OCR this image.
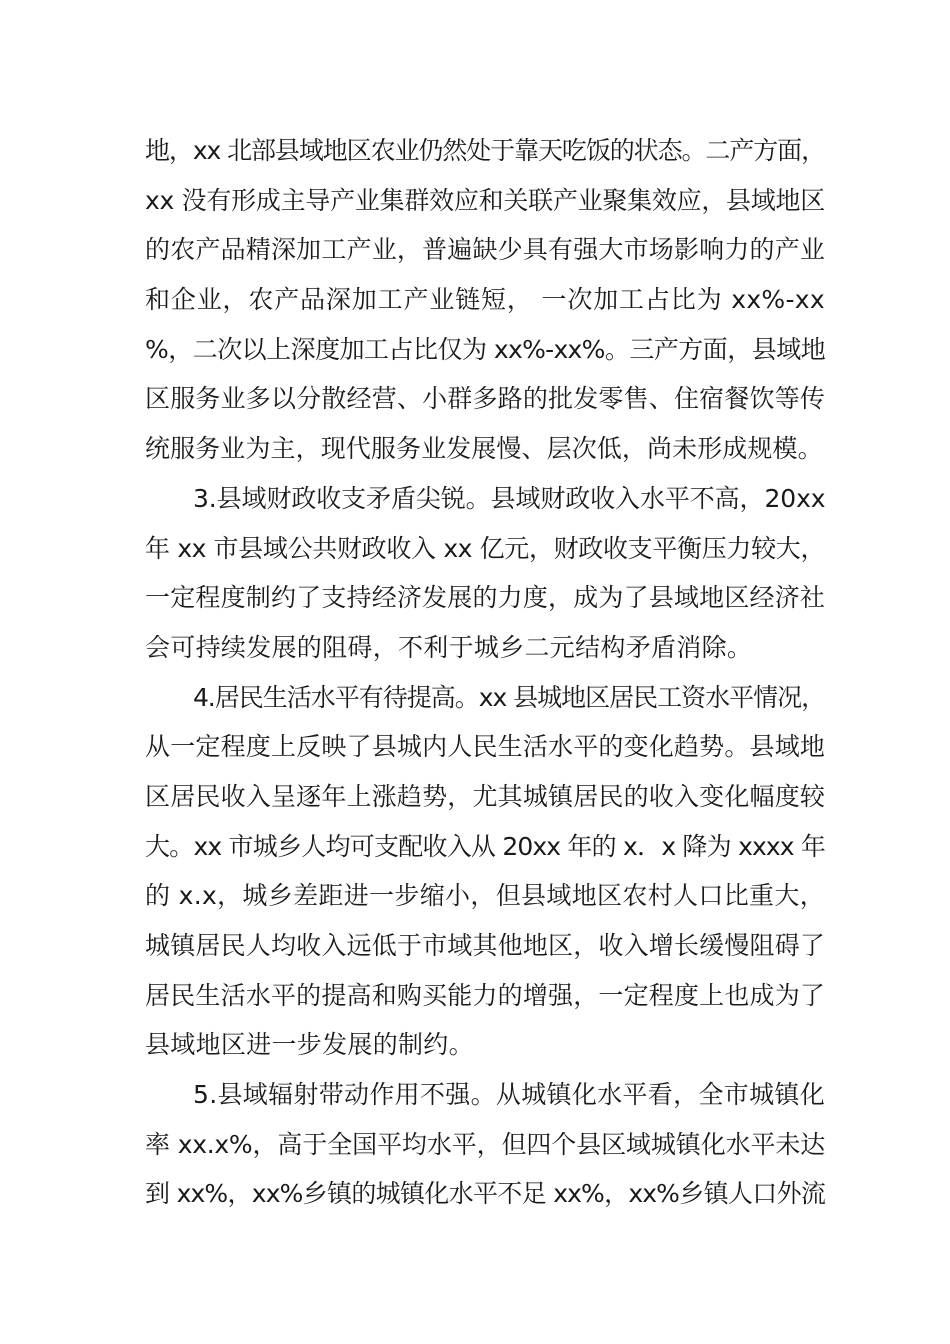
地，xx 北部县域地区农业仍然处于靠天吃饭的状态。二产方面，
xx 没有形成主导产业集群效应和关联产业聚集效应，县域地区
的农产品精深加工产业，普遍缺少具有强大市场影响力的产业
和企业，农产品深加工产业链短， 一次加工占比为 xx%-xx
%，二次以上深度加工占比仅为 xx%-xx%。三产方面，县域地
区服务业多以分散经营、小群多路的批发零售、住宿餐饮等传
统服务业为主，现代服务业发展慢、层次低，尚未形成规模。
3.县域财政收支矛盾尖锐。县域财政收入水平不高，20xx
年 xx 市县域公共财政收入 xx 亿元，财政收支平衡压力较大，
一定程度制约了支持经济发展的力度，成为了县域地区经济社
会可持续发展的阻碍，不利于城乡二元结构矛盾消除。
4.居民生活水平有待提高。xx 县城地区居民工资水平情况，
从一定程度上反映了县城内人民生活水平的变化趋势。县域地
区居民收入呈逐年上涨趋势，尤其城镇居民的收入变化幅度较
大。xx 市城乡人均可支配收入从 20xx 年的 x．x 降为 xxxx 年
的 x.x，城乡差距进一步缩小，但县域地区农村人口比重大，
城镇居民人均收入远低于市域其他地区，收入增长缓慢阻碍了
居民生活水平的提高和购买能力的增强，一定程度上也成为了
县域地区进一步发展的制约。
5.县域辐射带动作用不强。从城镇化水平看，全市城镇化
率 xx.x%，高于全国平均水平，但四个县区域城镇化水平未达
到 xx%，xx%乡镇的城镇化水平不足 xx%，xx%乡镇人口外流
